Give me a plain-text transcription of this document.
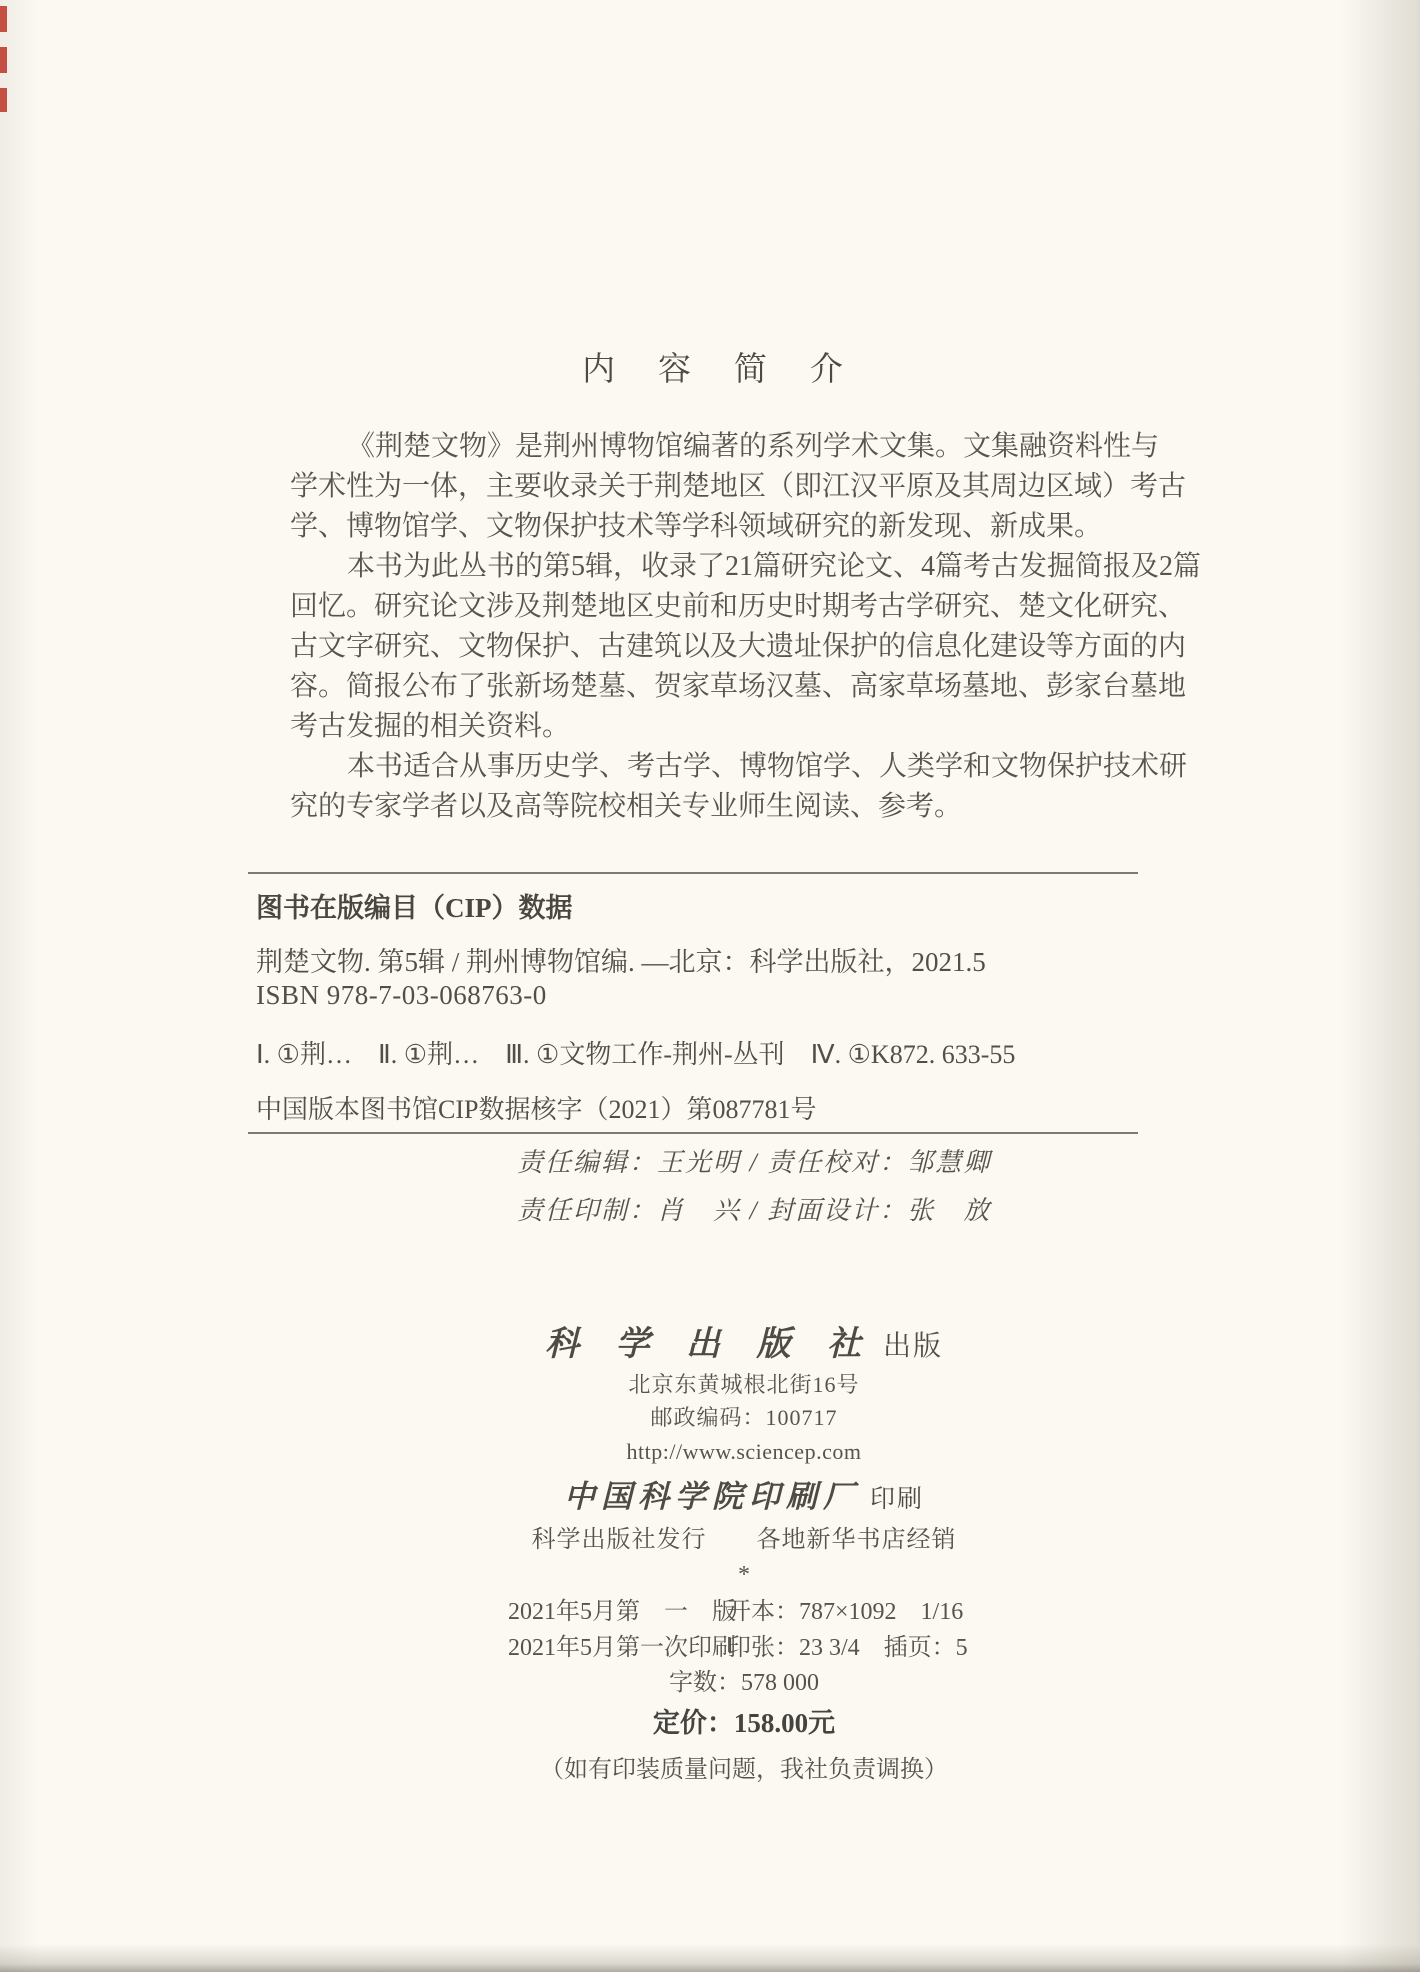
内 容 简 介
《荆楚文物》是荆州博物馆编著的系列学术文集。文集融资料性与
学术性为一体，主要收录关于荆楚地区（即江汉平原及其周边区域）考古
学、博物馆学、文物保护技术等学科领域研究的新发现、新成果。
本书为此丛书的第5辑，收录了21篇研究论文、4篇考古发掘简报及2篇
回忆。研究论文涉及荆楚地区史前和历史时期考古学研究、楚文化研究、
古文字研究、文物保护、古建筑以及大遗址保护的信息化建设等方面的内
容。简报公布了张新场楚墓、贺家草场汉墓、高家草场墓地、彭家台墓地
考古发掘的相关资料。
本书适合从事历史学、考古学、博物馆学、人类学和文物保护技术研
究的专家学者以及高等院校相关专业师生阅读、参考。
图书在版编目（CIP）数据
荆楚文物. 第5辑 / 荆州博物馆编. —北京：科学出版社，2021.5
ISBN 978-7-03-068763-0
Ⅰ. ①荆…　Ⅱ. ①荆…　Ⅲ. ①文物工作-荆州-丛刊　Ⅳ. ①K872. 633-55
中国版本图书馆CIP数据核字（2021）第087781号
责任编辑：王光明 / 责任校对：邹慧卿
责任印制：肖　兴 / 封面设计：张　放
科 学 出 版 社 出版
北京东黄城根北街16号
邮政编码：100717
http://www.sciencep.com
中国科学院印刷厂 印刷
科学出版社发行　　各地新华书店经销
*
字数：578 000
定价：158.00元
（如有印装质量问题，我社负责调换）
2021年5月第　一　版
开本：787×1092　1/16
2021年5月第一次印刷
印张：23 3/4　插页：5
